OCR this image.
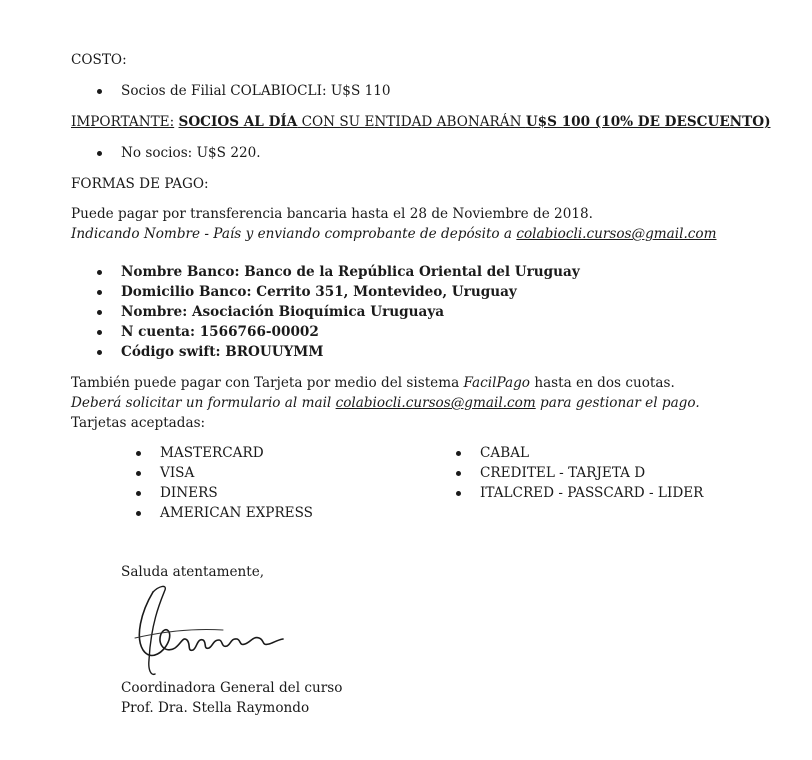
COSTO:
Socios de Filial COLABIOCLI: U$S 110
IMPORTANTE: SOCIOS AL DÍA CON SU ENTIDAD ABONARÁN U$S 100 (10% DE DESCUENTO)
No socios: U$S 220.
FORMAS DE PAGO:
Puede pagar por transferencia bancaria hasta el 28 de Noviembre de 2018.
Indicando Nombre - País y enviando comprobante de depósito a colabiocli.cursos@gmail.com
Nombre Banco: Banco de la República Oriental del Uruguay
Domicilio Banco: Cerrito 351, Montevideo, Uruguay
Nombre: Asociación Bioquímica Uruguaya
N cuenta: 1566766-00002
Código swift: BROUUYMM
También puede pagar con Tarjeta por medio del sistema FacilPago hasta en dos cuotas.
Deberá solicitar un formulario al mail colabiocli.cursos@gmail.com para gestionar el pago.
Tarjetas aceptadas:
MASTERCARD
VISA
DINERS
AMERICAN EXPRESS
CABAL
CREDITEL - TARJETA D
ITALCRED - PASSCARD - LIDER
Saluda atentamente,
Coordinadora General del curso
Prof. Dra. Stella Raymondo
